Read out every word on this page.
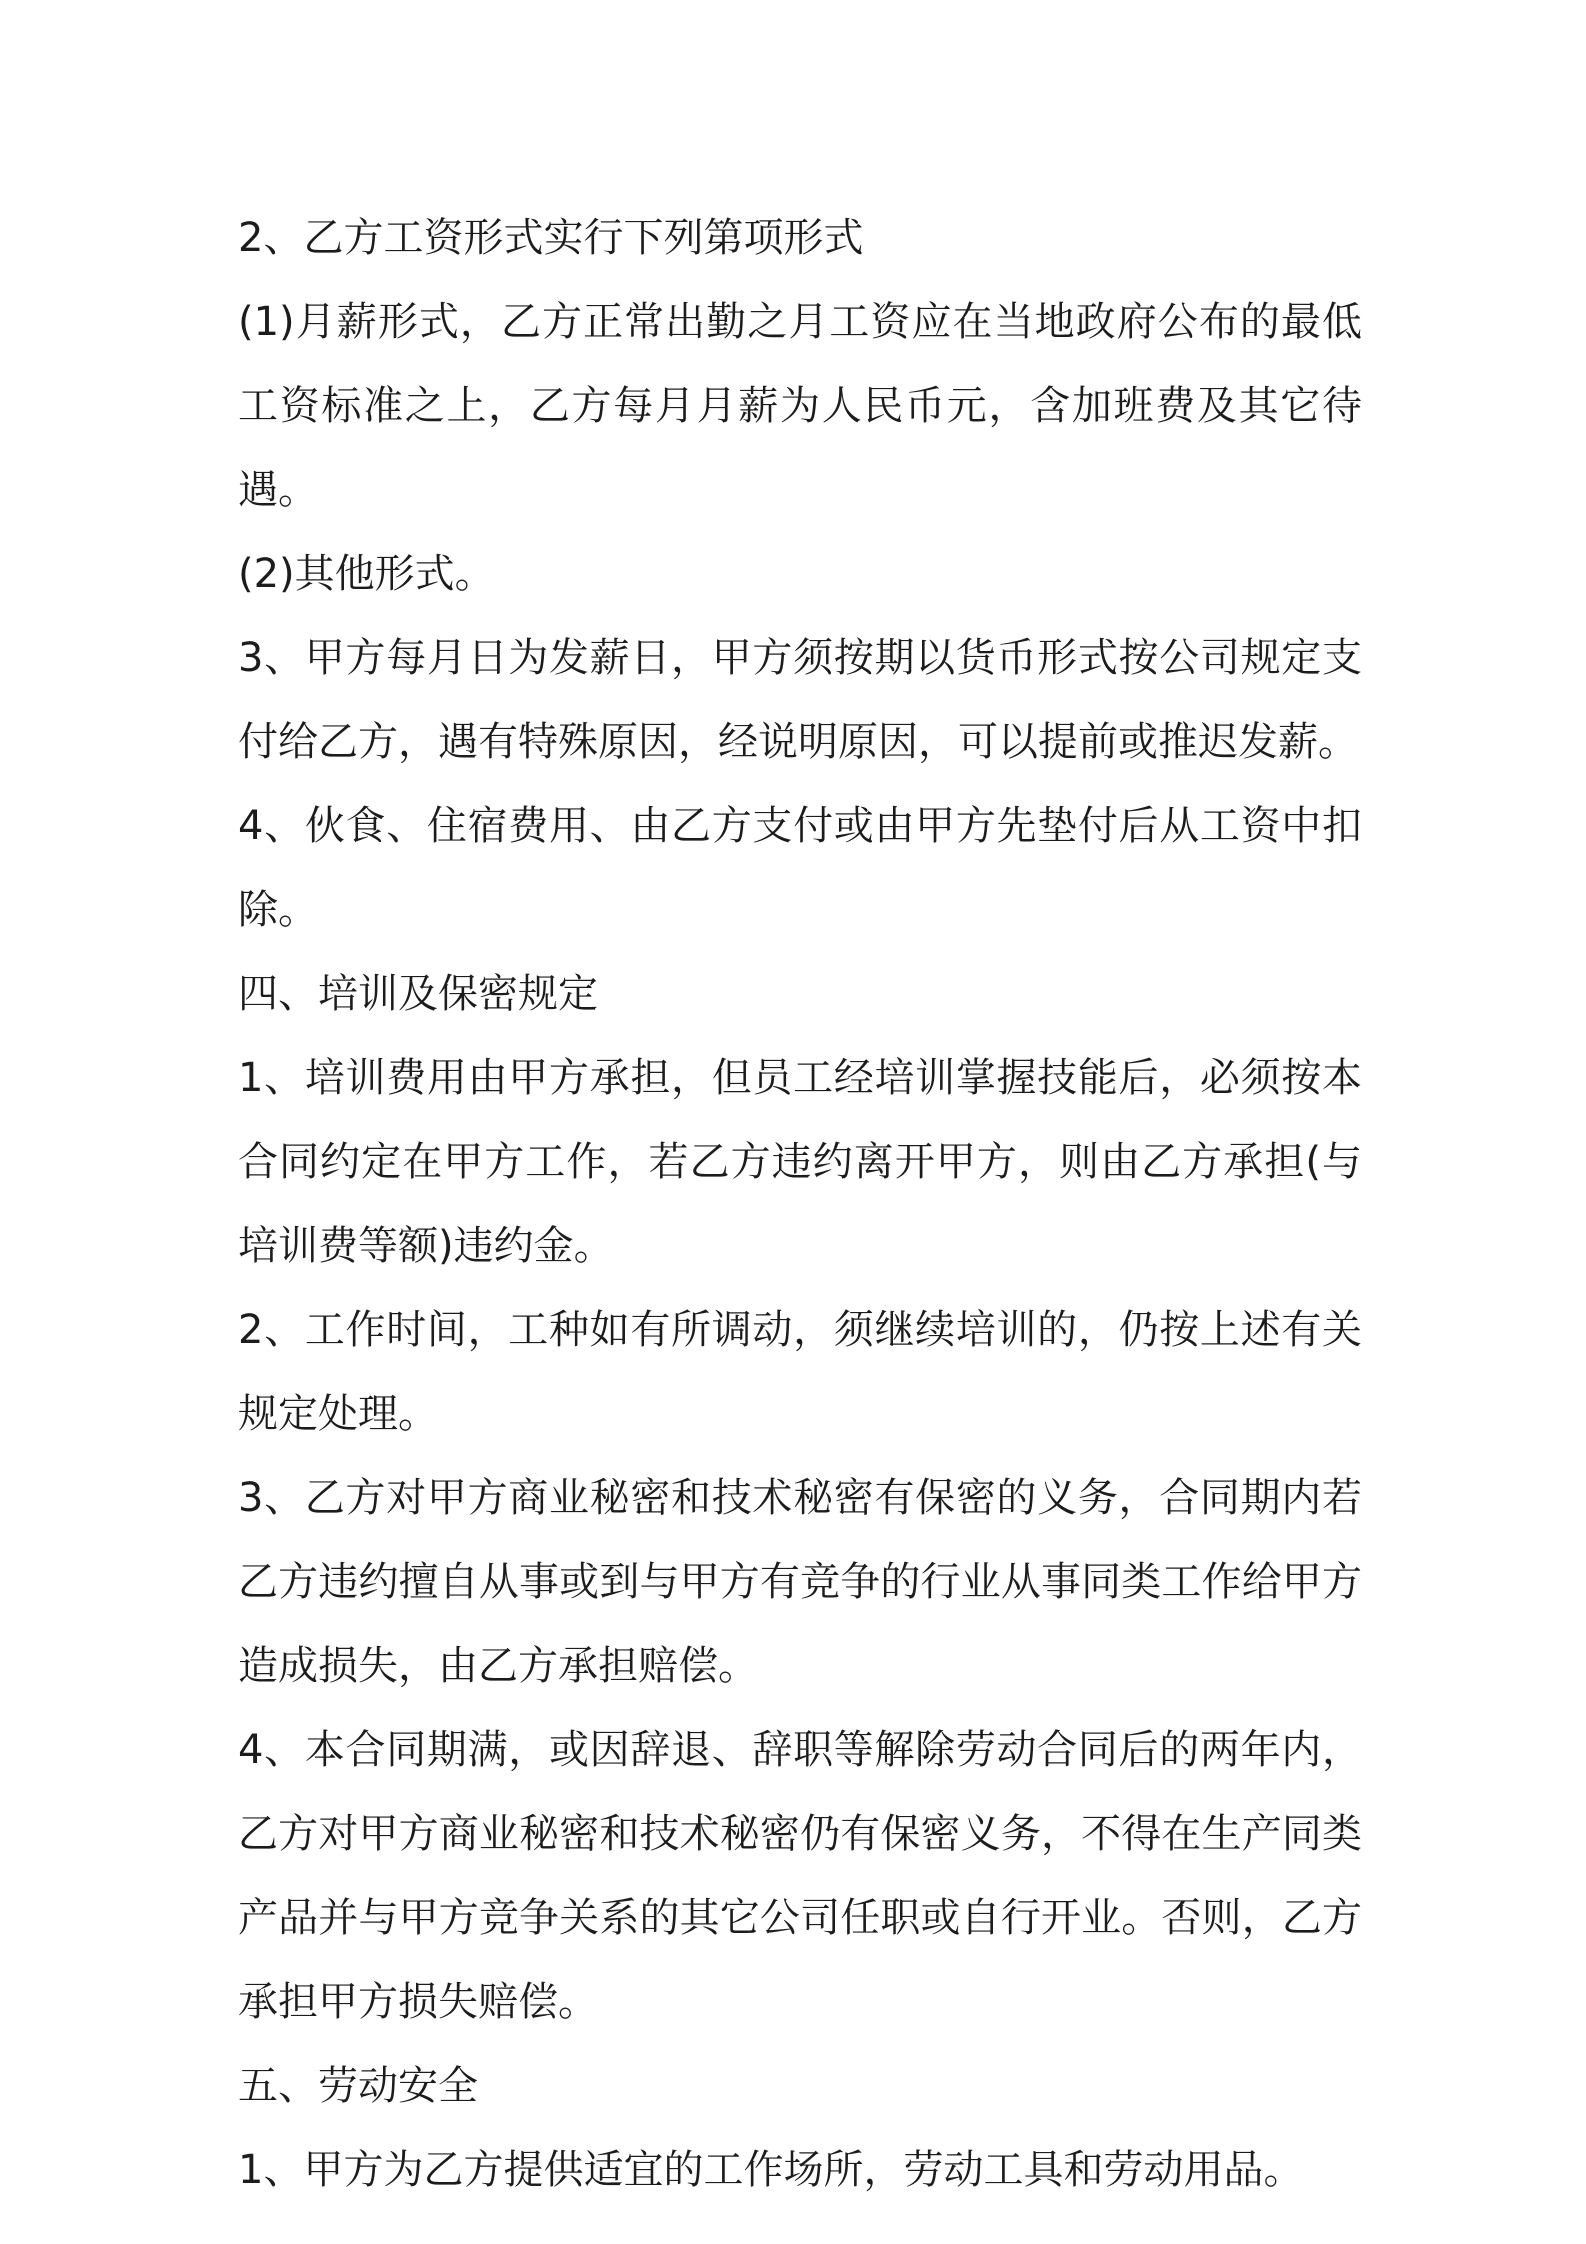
2、乙方工资形式实行下列第项形式

(1)月薪形式，乙方正常出勤之月工资应在当地政府公布的最低工资标准之上，乙方每月月薪为人民币元，含加班费及其它待遇。

(2)其他形式。

3、甲方每月日为发薪日，甲方须按期以货币形式按公司规定支付给乙方，遇有特殊原因，经说明原因，可以提前或推迟发薪。

4、伙食、住宿费用、由乙方支付或由甲方先垫付后从工资中扣除。

四、培训及保密规定

1、培训费用由甲方承担，但员工经培训掌握技能后，必须按本合同约定在甲方工作，若乙方违约离开甲方，则由乙方承担(与培训费等额)违约金。

2、工作时间，工种如有所调动，须继续培训的，仍按上述有关规定处理。

3、乙方对甲方商业秘密和技术秘密有保密的义务，合同期内若乙方违约擅自从事或到与甲方有竞争的行业从事同类工作给甲方造成损失，由乙方承担赔偿。

4、本合同期满，或因辞退、辞职等解除劳动合同后的两年内，乙方对甲方商业秘密和技术秘密仍有保密义务，不得在生产同类产品并与甲方竞争关系的其它公司任职或自行开业。否则，乙方承担甲方损失赔偿。

五、劳动安全

1、甲方为乙方提供适宜的工作场所，劳动工具和劳动用品。
